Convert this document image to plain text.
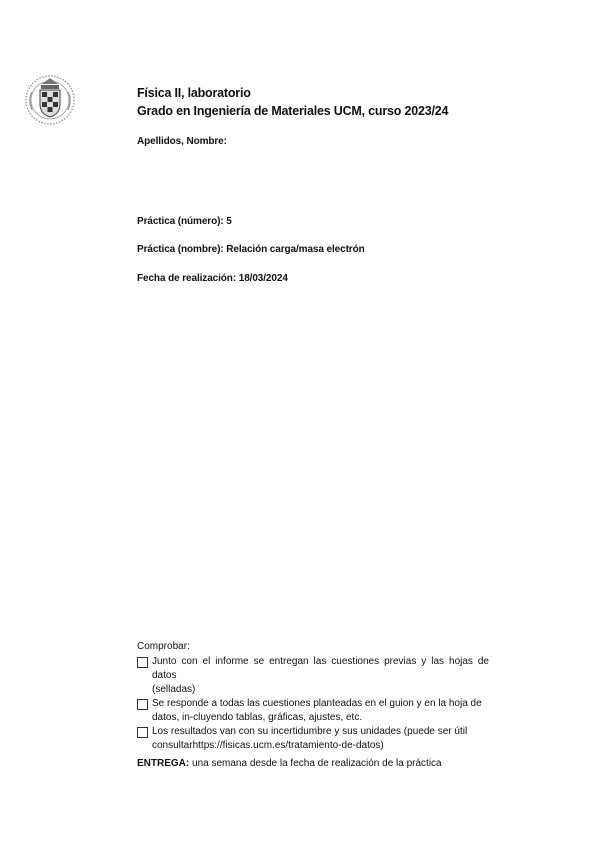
Física II, laboratorio
Grado en Ingeniería de Materiales UCM, curso 2023/24
Apellidos, Nombre:
Práctica (número): 5
Práctica (nombre): Relación carga/masa electrón
Fecha de realización: 18/03/2024
Comprobar:
Junto con el informe se entregan las cuestiones previas y las hojas de datos
(selladas)
Se responde a todas las cuestiones planteadas en el guion y en la hoja de
datos, in-cluyendo tablas, gráficas, ajustes, etc.
Los resultados van con su incertidumbre y sus unidades (puede ser útil
consultarhttps://fisicas.ucm.es/tratamiento-de-datos)
ENTREGA: una semana desde la fecha de realización de la práctica
